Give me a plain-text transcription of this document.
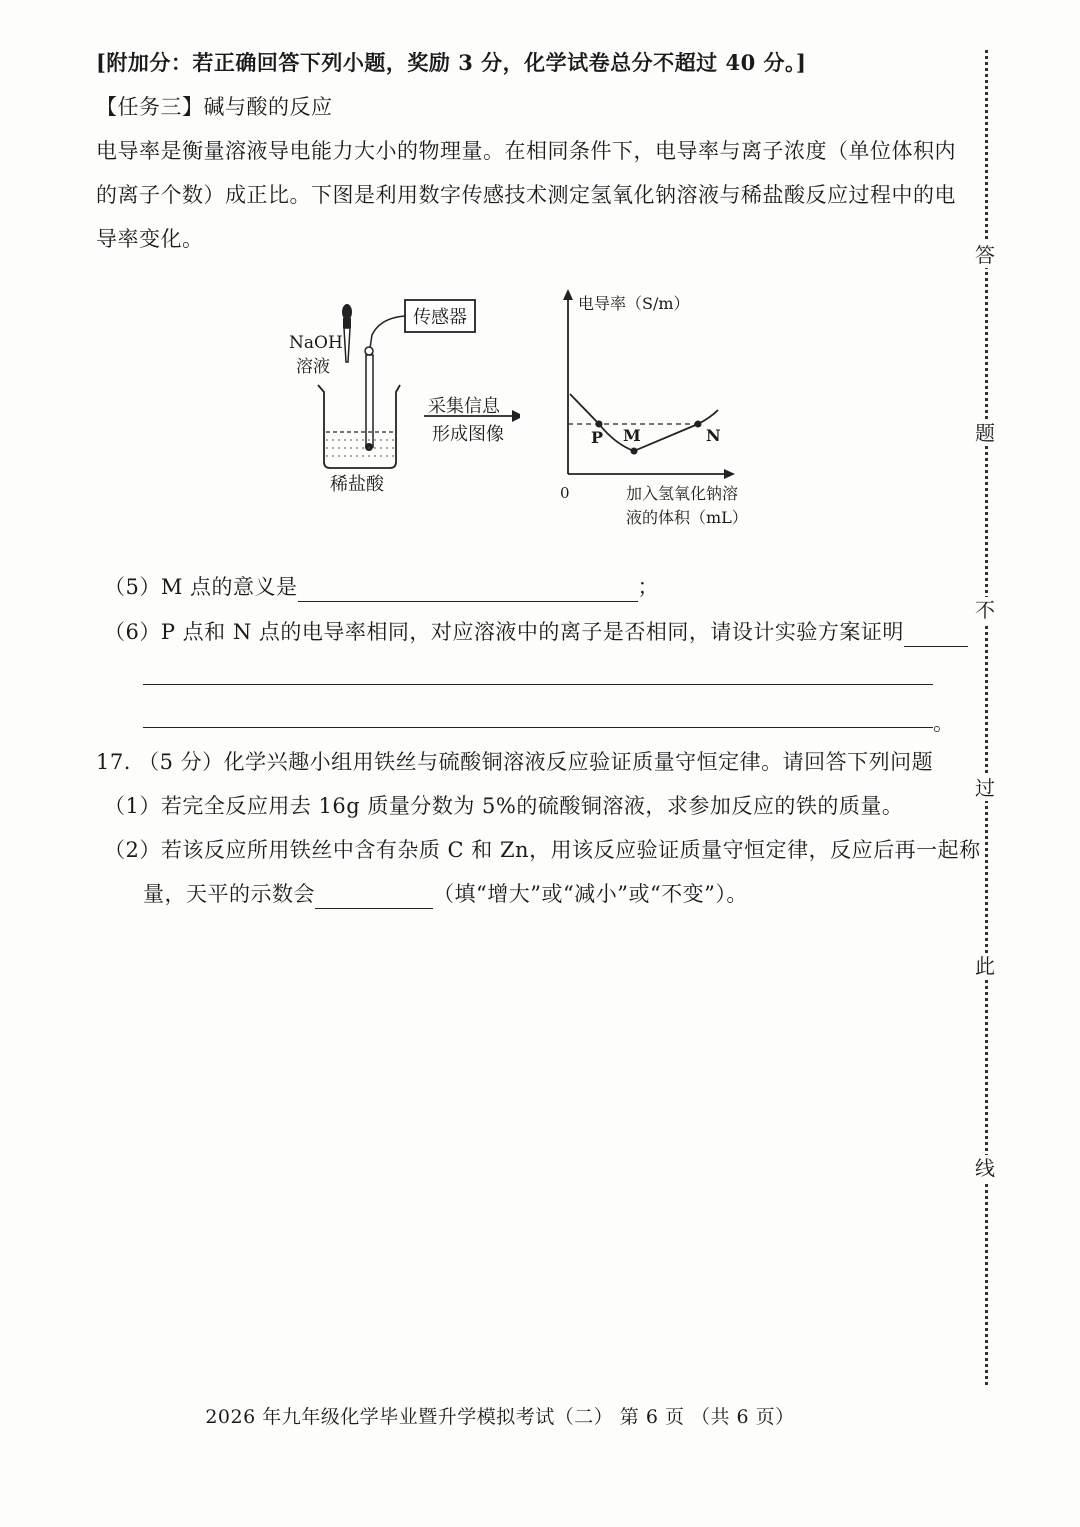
[附加分：若正确回答下列小题，奖励 3 分，化学试卷总分不超过 40 分。]
【任务三】碱与酸的反应
电导率是衡量溶液导电能力大小的物理量。在相同条件下，电导率与离子浓度（单位体积内
的离子个数）成正比。下图是利用数字传感技术测定氢氧化钠溶液与稀盐酸反应过程中的电
导率变化。
NaOH
溶液
传感器
稀盐酸
采集信息
形成图像
电导率（S/m）
0	加入氢氧化钠溶
液的体积（mL）
P M	N
（5）M 点的意义是	；
（6）P 点和 N 点的电导率相同，对应溶液中的离子是否相同，请设计实验方案证明
。
17. （5 分）化学兴趣小组用铁丝与硫酸铜溶液反应验证质量守恒定律。请回答下列问题
（1）若完全反应用去 16g 质量分数为 5%的硫酸铜溶液，求参加反应的铁的质量。
（2）若该反应所用铁丝中含有杂质 C 和 Zn，用该反应验证质量守恒定律，反应后再一起称
量，天平的示数会	（填“增大”或“减小”或“不变”）。
答
题
不
过
此
线
2026 年九年级化学毕业暨升学模拟考试（二） 第 6 页 （共 6 页）
